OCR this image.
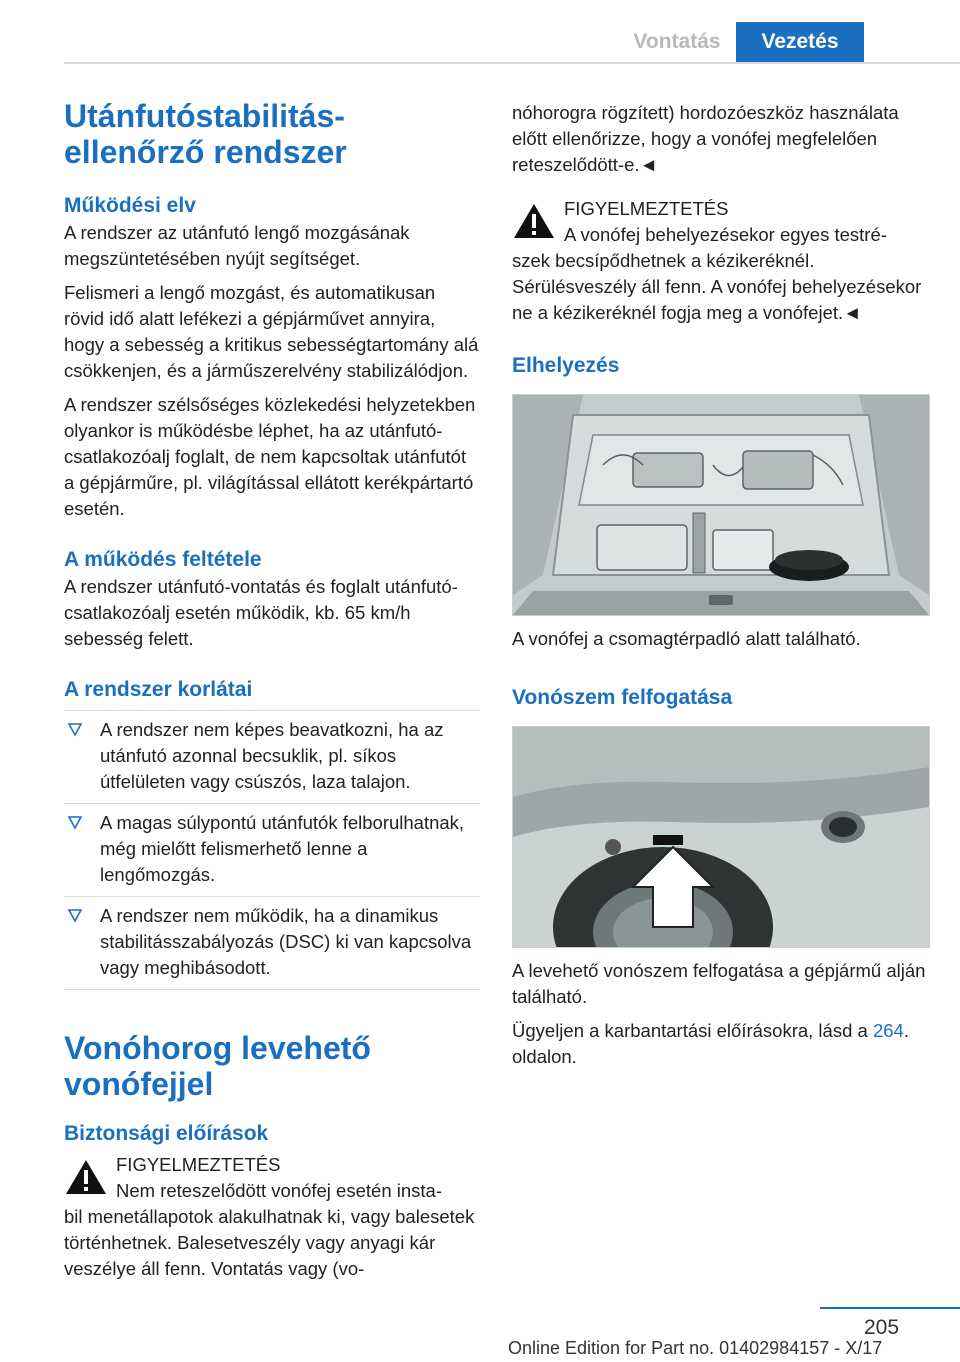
Vontatás	Vezetés
Utánfutóstabilitás-ellenőrző rendszer
Működési elv

A rendszer az utánfutó lengő mozgásának megszüntetésében nyújt segítséget.

Felismeri a lengő mozgást, és automatikusan rövid idő alatt lefékezi a gépjárművet annyira, hogy a sebesség a kritikus sebességtartomány alá csökkenjen, és a járműszerelvény stabilizálódjon.

A rendszer szélsőséges közlekedési helyzetekben olyankor is működésbe léphet, ha az utánfutó-csatlakozóalj foglalt, de nem kapcsoltak utánfutót a gépjárműre, pl. világítással ellátott kerékpártartó esetén.

A működés feltétele

A rendszer utánfutó-vontatás és foglalt utánfutó-csatlakozóalj esetén működik, kb. 65 km/h sebesség felett.

A rendszer korlátai
A rendszer nem képes beavatkozni, ha az utánfutó azonnal becsuklik, pl. síkos útfelületen vagy csúszós, laza talajon.
A magas súlypontú utánfutók felborulhatnak, még mielőtt felismerhető lenne a lengőmozgás.
A rendszer nem működik, ha a dinamikus stabilitásszabályozás (DSC) ki van kapcsolva vagy meghibásodott.
Vonóhorog levehető vonófejjel
Biztonsági előírások

FIGYELMEZTETÉS

Nem reteszelődött vonófej esetén insta-

bil menetállapotok alakulhatnak ki, vagy balesetek történhetnek. Balesetveszély vagy anyagi kár veszélye áll fenn. Vontatás vagy (vo-

nóhorogra rögzített) hordozóeszköz használata előtt ellenőrizze, hogy a vonófej megfelelően reteszelődött-e.◄

FIGYELMEZTETÉS

A vonófej behelyezésekor egyes testré-

szek becsípődhetnek a kézikeréknél. Sérülésveszély áll fenn. A vonófej behelyezésekor ne a kézikeréknél fogja meg a vonófejet.◄

Elhelyezés

A vonófej a csomagtérpadló alatt található.

Vonószem felfogatása

A levehető vonószem felfogatása a gépjármű alján található.

Ügyeljen a karbantartási előírásokra, lásd a 264. oldalon.

205
Online Edition for Part no. 01402984157 - X/17
